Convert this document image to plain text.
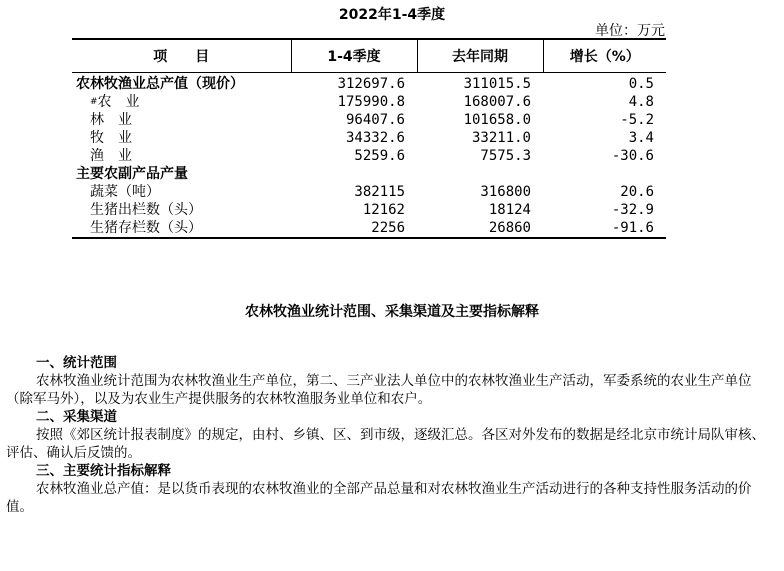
2022年1-4季度
单位：万元
项　　目	1-4季度	去年同期	增长（%）
农林牧渔业总产值（现价）	312697.6	311015.5	0.5
#农　业	175990.8	168007.6	4.8
林　业	96407.6	101658.0	-5.2
牧　业	34332.6	33211.0	3.4
渔　业	5259.6	7575.3	-30.6
主要农副产品产量			
蔬菜（吨）	382115	316800	20.6
生猪出栏数（头）	12162	18124	-32.9
生猪存栏数（头）	2256	26860	-91.6
农林牧渔业统计范围、采集渠道及主要指标解释
一、统计范围
农林牧渔业统计范围为农林牧渔业生产单位，第二、三产业法人单位中的农林牧渔业生产活动，军委系统的农业生产单位（除军马外），以及为农业生产提供服务的农林牧渔服务业单位和农户。
二、采集渠道
按照《郊区统计报表制度》的规定，由村、乡镇、区、到市级，逐级汇总。各区对外发布的数据是经北京市统计局队审核、评估、确认后反馈的。
三、主要统计指标解释
农林牧渔业总产值：是以货币表现的农林牧渔业的全部产品总量和对农林牧渔业生产活动进行的各种支持性服务活动的价值。
